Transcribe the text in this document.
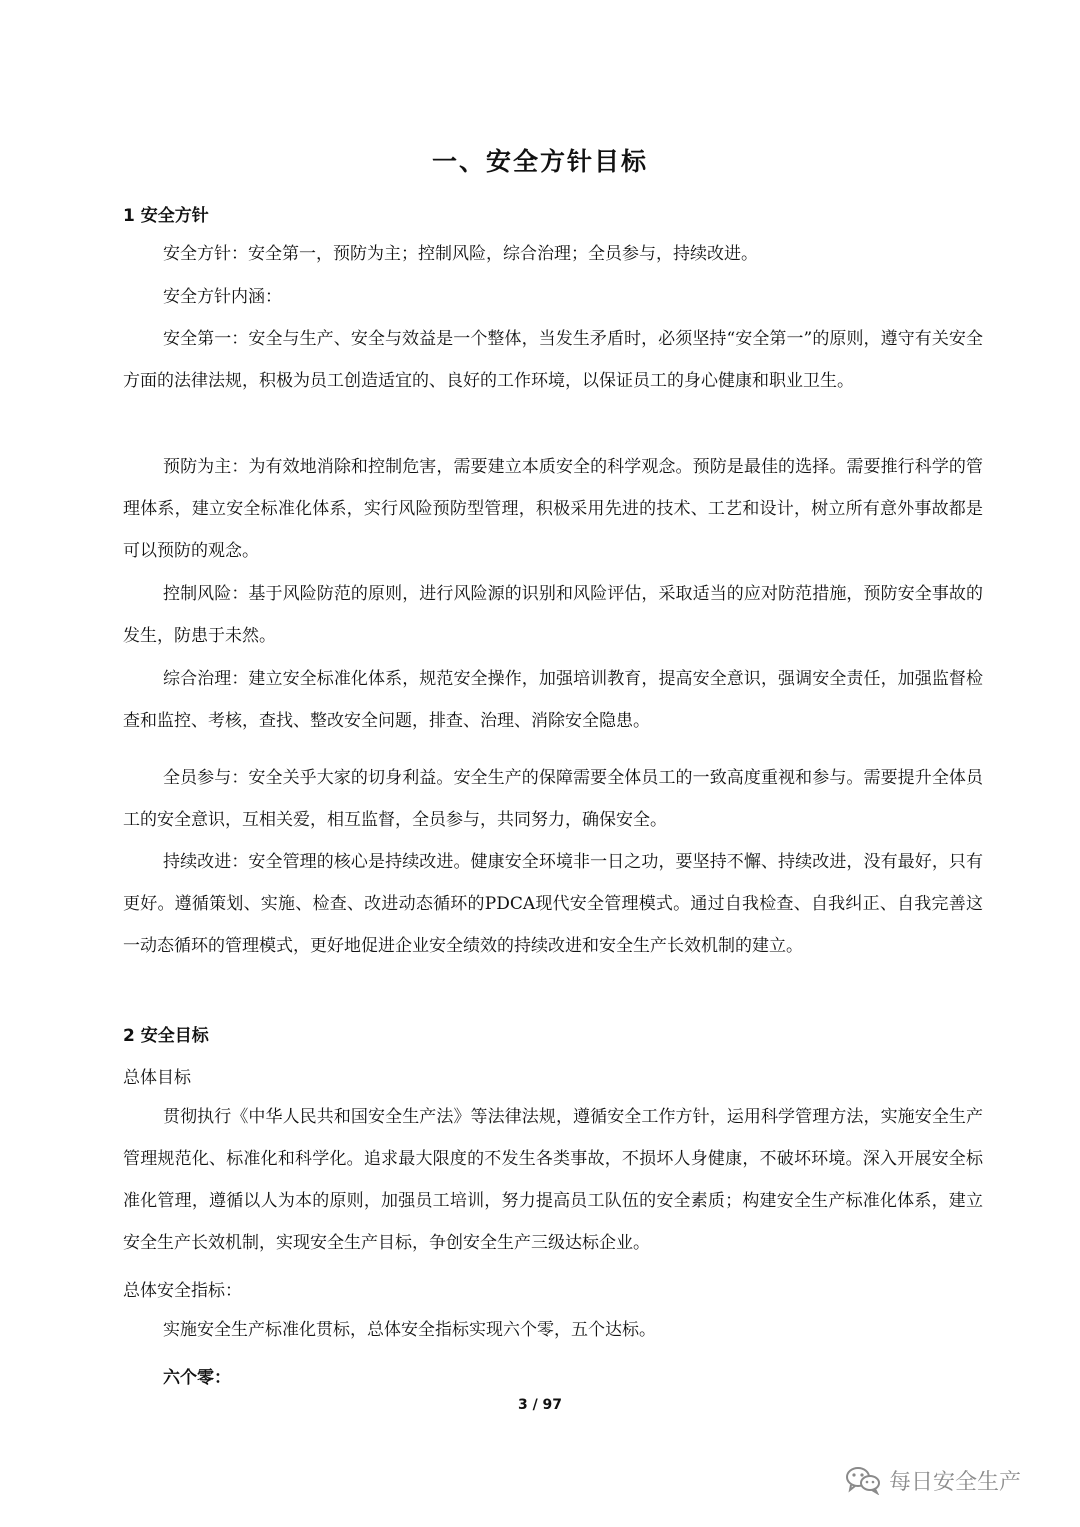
一、安全方针目标
1 安全方针
安全方针：安全第一，预防为主；控制风险，综合治理；全员参与，持续改进。
安全方针内涵：
安全第一：安全与生产、安全与效益是一个整体，当发生矛盾时，必须坚持“安全第一”的原则，遵守有关安全方面的法律法规，积极为员工创造适宜的、良好的工作环境，以保证员工的身心健康和职业卫生。
预防为主：为有效地消除和控制危害，需要建立本质安全的科学观念。预防是最佳的选择。需要推行科学的管理体系，建立安全标准化体系，实行风险预防型管理，积极采用先进的技术、工艺和设计，树立所有意外事故都是可以预防的观念。
控制风险：基于风险防范的原则，进行风险源的识别和风险评估，采取适当的应对防范措施，预防安全事故的发生，防患于未然。
综合治理：建立安全标准化体系，规范安全操作，加强培训教育，提高安全意识，强调安全责任，加强监督检查和监控、考核，查找、整改安全问题，排查、治理、消除安全隐患。
全员参与：安全关乎大家的切身利益。安全生产的保障需要全体员工的一致高度重视和参与。需要提升全体员工的安全意识，互相关爱，相互监督，全员参与，共同努力，确保安全。
持续改进：安全管理的核心是持续改进。健康安全环境非一日之功，要坚持不懈、持续改进，没有最好，只有更好。遵循策划、实施、检查、改进动态循环的PDCA现代安全管理模式。通过自我检查、自我纠正、自我完善这一动态循环的管理模式，更好地促进企业安全绩效的持续改进和安全生产长效机制的建立。
2 安全目标
总体目标
贯彻执行《中华人民共和国安全生产法》等法律法规，遵循安全工作方针，运用科学管理方法，实施安全生产管理规范化、标准化和科学化。追求最大限度的不发生各类事故，不损坏人身健康，不破坏环境。深入开展安全标准化管理，遵循以人为本的原则，加强员工培训，努力提高员工队伍的安全素质；构建安全生产标准化体系，建立安全生产长效机制，实现安全生产目标，争创安全生产三级达标企业。
总体安全指标：
实施安全生产标准化贯标，总体安全指标实现六个零，五个达标。
六个零：
3 / 97
每日安全生产
